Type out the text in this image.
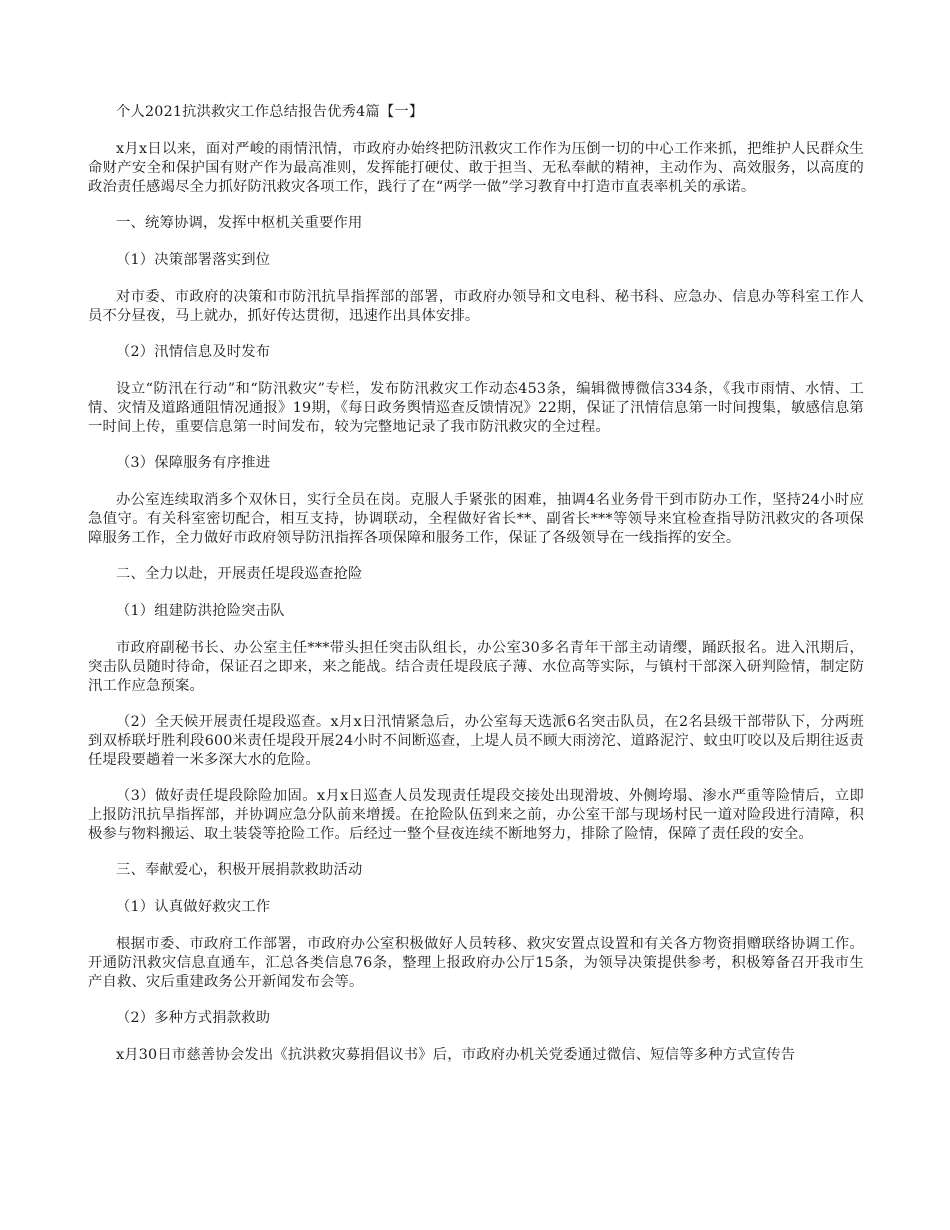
个人2021抗洪救灾工作总结报告优秀4篇【一】

x月x日以来，面对严峻的雨情汛情，市政府办始终把防汛救灾工作作为压倒一切的中心工作来抓，把维护人民群众生命财产安全和保护国有财产作为最高准则，发挥能打硬仗、敢于担当、无私奉献的精神，主动作为、高效服务，以高度的政治责任感竭尽全力抓好防汛救灾各项工作，践行了在“两学一做”学习教育中打造市直表率机关的承诺。

一、统筹协调，发挥中枢机关重要作用

（1）决策部署落实到位

对市委、市政府的决策和市防汛抗旱指挥部的部署，市政府办领导和文电科、秘书科、应急办、信息办等科室工作人员不分昼夜，马上就办，抓好传达贯彻，迅速作出具体安排。

（2）汛情信息及时发布

设立“防汛在行动”和“防汛救灾”专栏，发布防汛救灾工作动态453条，编辑微博微信334条，《我市雨情、水情、工情、灾情及道路通阻情况通报》19期，《每日政务舆情巡查反馈情况》22期，保证了汛情信息第一时间搜集，敏感信息第一时间上传，重要信息第一时间发布，较为完整地记录了我市防汛救灾的全过程。

（3）保障服务有序推进

办公室连续取消多个双休日，实行全员在岗。克服人手紧张的困难，抽调4名业务骨干到市防办工作，坚持24小时应急值守。有关科室密切配合，相互支持，协调联动，全程做好省长**、副省长***等领导来宜检查指导防汛救灾的各项保障服务工作，全力做好市政府领导防汛指挥各项保障和服务工作，保证了各级领导在一线指挥的安全。

二、全力以赴，开展责任堤段巡查抢险

（1）组建防洪抢险突击队

市政府副秘书长、办公室主任***带头担任突击队组长，办公室30多名青年干部主动请缨，踊跃报名。进入汛期后，突击队员随时待命，保证召之即来，来之能战。结合责任堤段底子薄、水位高等实际，与镇村干部深入研判险情，制定防汛工作应急预案。

（2）全天候开展责任堤段巡查。x月x日汛情紧急后，办公室每天选派6名突击队员，在2名县级干部带队下，分两班到双桥联圩胜利段600米责任堤段开展24小时不间断巡查，上堤人员不顾大雨滂沱、道路泥泞、蚊虫叮咬以及后期往返责任堤段要趟着一米多深大水的危险。

（3）做好责任堤段除险加固。x月x日巡查人员发现责任堤段交接处出现滑坡、外侧垮塌、渗水严重等险情后，立即上报防汛抗旱指挥部，并协调应急分队前来增援。在抢险队伍到来之前，办公室干部与现场村民一道对险段进行清障，积极参与物料搬运、取土装袋等抢险工作。后经过一整个昼夜连续不断地努力，排除了险情，保障了责任段的安全。

三、奉献爱心，积极开展捐款救助活动

（1）认真做好救灾工作

根据市委、市政府工作部署，市政府办公室积极做好人员转移、救灾安置点设置和有关各方物资捐赠联络协调工作。开通防汛救灾信息直通车，汇总各类信息76条，整理上报政府办公厅15条，为领导决策提供参考，积极筹备召开我市生产自救、灾后重建政务公开新闻发布会等。

（2）多种方式捐款救助

x月30日市慈善协会发出《抗洪救灾募捐倡议书》后，市政府办机关党委通过微信、短信等多种方式宣传告
